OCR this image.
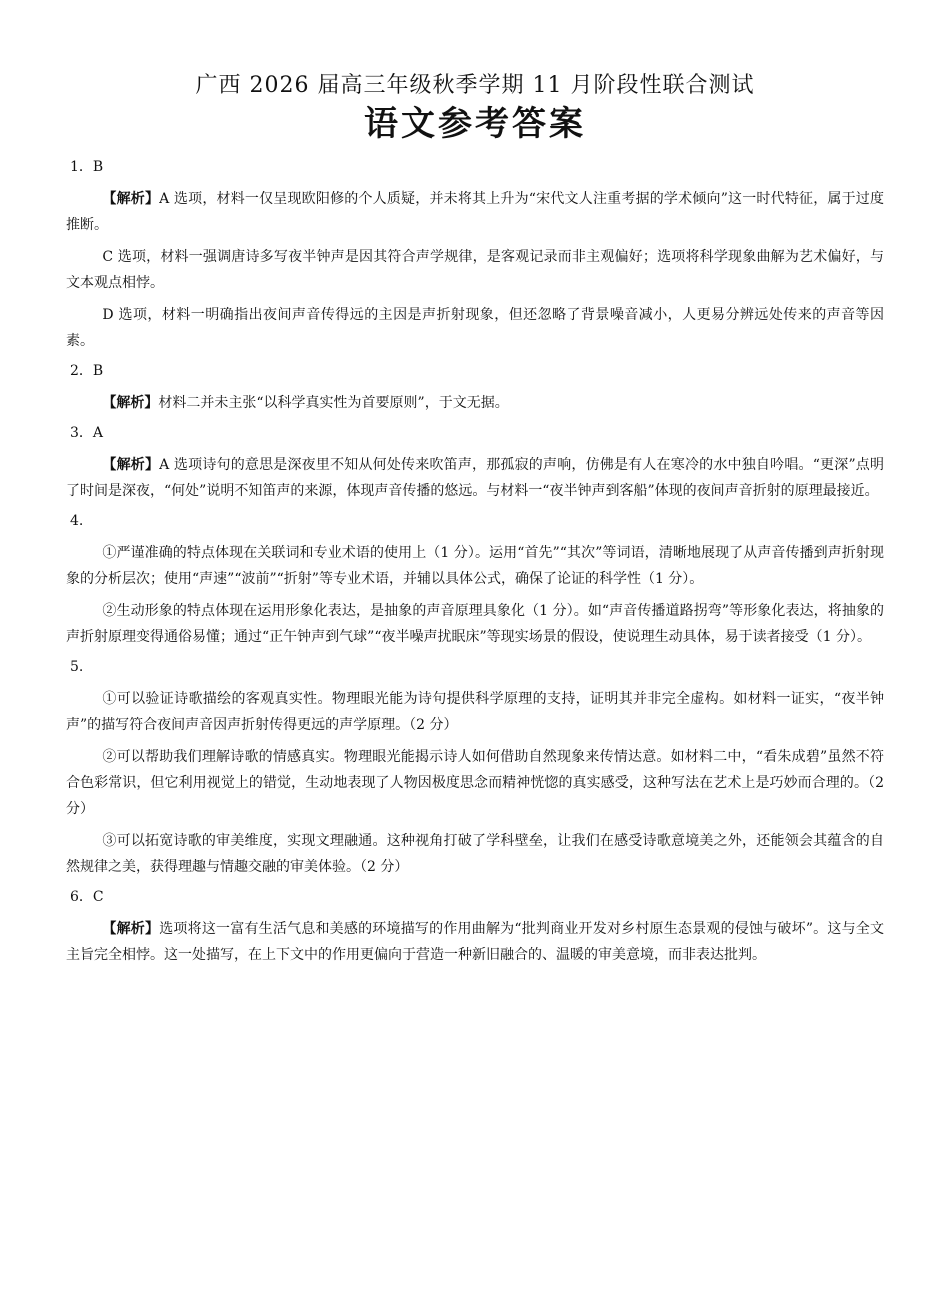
广西 2026 届高三年级秋季学期 11 月阶段性联合测试
语文参考答案
1．B

【解析】A 选项，材料一仅呈现欧阳修的个人质疑，并未将其上升为“宋代文人注重考据的学术倾向”这一时代特征，属于过度推断。

C 选项，材料一强调唐诗多写夜半钟声是因其符合声学规律，是客观记录而非主观偏好；选项将科学现象曲解为艺术偏好，与文本观点相悖。

D 选项，材料一明确指出夜间声音传得远的主因是声折射现象，但还忽略了背景噪音减小，人更易分辨远处传来的声音等因素。

2．B

【解析】材料二并未主张“以科学真实性为首要原则”，于文无据。

3．A

【解析】A 选项诗句的意思是深夜里不知从何处传来吹笛声，那孤寂的声响，仿佛是有人在寒冷的水中独自吟唱。“更深”点明了时间是深夜，“何处”说明不知笛声的来源，体现声音传播的悠远。与材料一“夜半钟声到客船”体现的夜间声音折射的原理最接近。

4.

①严谨准确的特点体现在关联词和专业术语的使用上（1 分）。运用“首先”“其次”等词语，清晰地展现了从声音传播到声折射现象的分析层次；使用“声速”“波前”“折射”等专业术语，并辅以具体公式，确保了论证的科学性（1 分）。

②生动形象的特点体现在运用形象化表达，是抽象的声音原理具象化（1 分）。如“声音传播道路拐弯”等形象化表达，将抽象的声折射原理变得通俗易懂；通过“正午钟声到气球”“夜半噪声扰眠床”等现实场景的假设，使说理生动具体，易于读者接受（1 分）。

5.

①可以验证诗歌描绘的客观真实性。物理眼光能为诗句提供科学原理的支持，证明其并非完全虚构。如材料一证实，“夜半钟声”的描写符合夜间声音因声折射传得更远的声学原理。（2 分）

②可以帮助我们理解诗歌的情感真实。物理眼光能揭示诗人如何借助自然现象来传情达意。如材料二中，“看朱成碧”虽然不符合色彩常识，但它利用视觉上的错觉，生动地表现了人物因极度思念而精神恍惚的真实感受，这种写法在艺术上是巧妙而合理的。（2 分）

③可以拓宽诗歌的审美维度，实现文理融通。这种视角打破了学科壁垒，让我们在感受诗歌意境美之外，还能领会其蕴含的自然规律之美，获得理趣与情趣交融的审美体验。（2 分）

6．C

【解析】选项将这一富有生活气息和美感的环境描写的作用曲解为“批判商业开发对乡村原生态景观的侵蚀与破坏”。这与全文主旨完全相悖。这一处描写，在上下文中的作用更偏向于营造一种新旧融合的、温暖的审美意境，而非表达批判。
